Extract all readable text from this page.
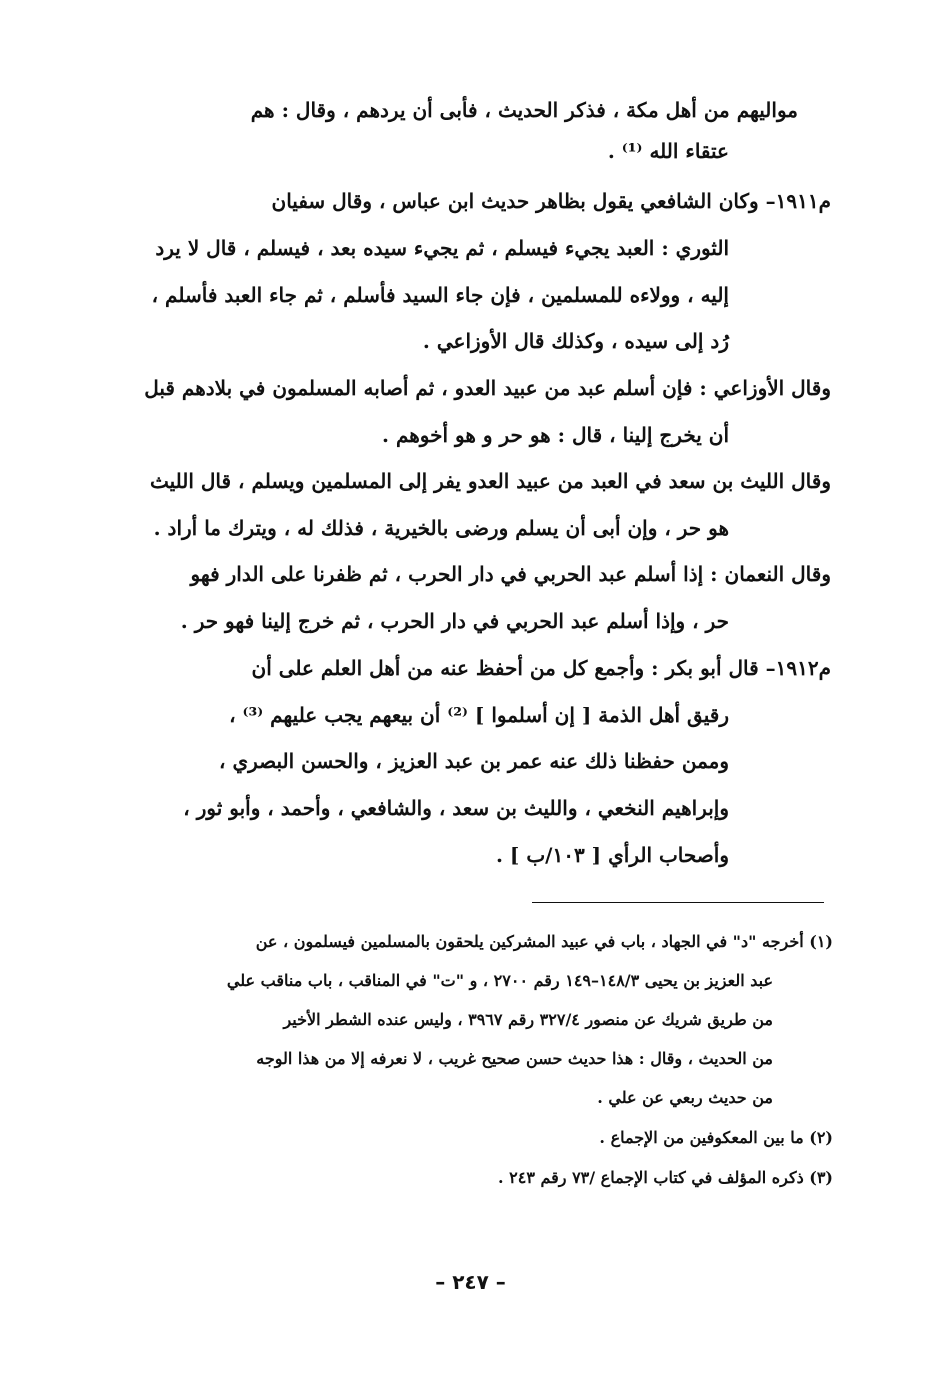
مواليهم من أهل مكة ، فذكر الحديث ، فأبى أن يردهم ، وقال : هم
عتقاء الله ⁽¹⁾ .
م١٩١١– وكان الشافعي يقول بظاهر حديث ابن عباس ، وقال سفيان
الثوري : العبد يجيء فيسلم ، ثم يجيء سيده بعد ، فيسلم ، قال لا يرد
إليه ، وولاءه للمسلمين ، فإن جاء السيد فأسلم ، ثم جاء العبد فأسلم ،
رُد إلى سيده ، وكذلك قال الأوزاعي .
وقال الأوزاعي : فإن أسلم عبد من عبيد العدو ، ثم أصابه المسلمون في بلادهم قبل
أن يخرج إلينا ، قال : هو حر و هو أخوهم .
وقال الليث بن سعد في العبد من عبيد العدو يفر إلى المسلمين ويسلم ، قال الليث
هو حر ، وإن أبى أن يسلم ورضى بالخيرية ، فذلك له ، ويترك ما أراد .
وقال النعمان : إذا أسلم عبد الحربي في دار الحرب ، ثم ظفرنا على الدار فهو
حر ، وإذا أسلم عبد الحربي في دار الحرب ، ثم خرج إلينا فهو حر .
م١٩١٢– قال أبو بكر : وأجمع كل من أحفظ عنه من أهل العلم على أن
رقيق أهل الذمة [ إن أسلموا ] ⁽²⁾ أن بيعهم يجب عليهم ⁽³⁾ ،
وممن حفظنا ذلك عنه عمر بن عبد العزيز ، والحسن البصري ،
وإبراهيم النخعي ، والليث بن سعد ، والشافعي ، وأحمد ، وأبو ثور ،
وأصحاب الرأي [ ١٠٣/ب ] .
(١) أخرجه "د" في الجهاد ، باب في عبيد المشركين يلحقون بالمسلمين فيسلمون ، عن
عبد العزيز بن يحيى ١٤٨/٣–١٤٩ رقم ٢٧٠٠ ، و "ت" في المناقب ، باب مناقب علي
من طريق شريك عن منصور ٣٢٧/٤ رقم ٣٩٦٧ ، وليس عنده الشطر الأخير
من الحديث ، وقال : هذا حديث حسن صحيح غريب ، لا نعرفه إلا من هذا الوجه
من حديث ربعي عن علي .
(٢) ما بين المعكوفين من الإجماع .
(٣) ذكره المؤلف في كتاب الإجماع /٧٣ رقم ٢٤٣ .
– ٢٤٧ –
